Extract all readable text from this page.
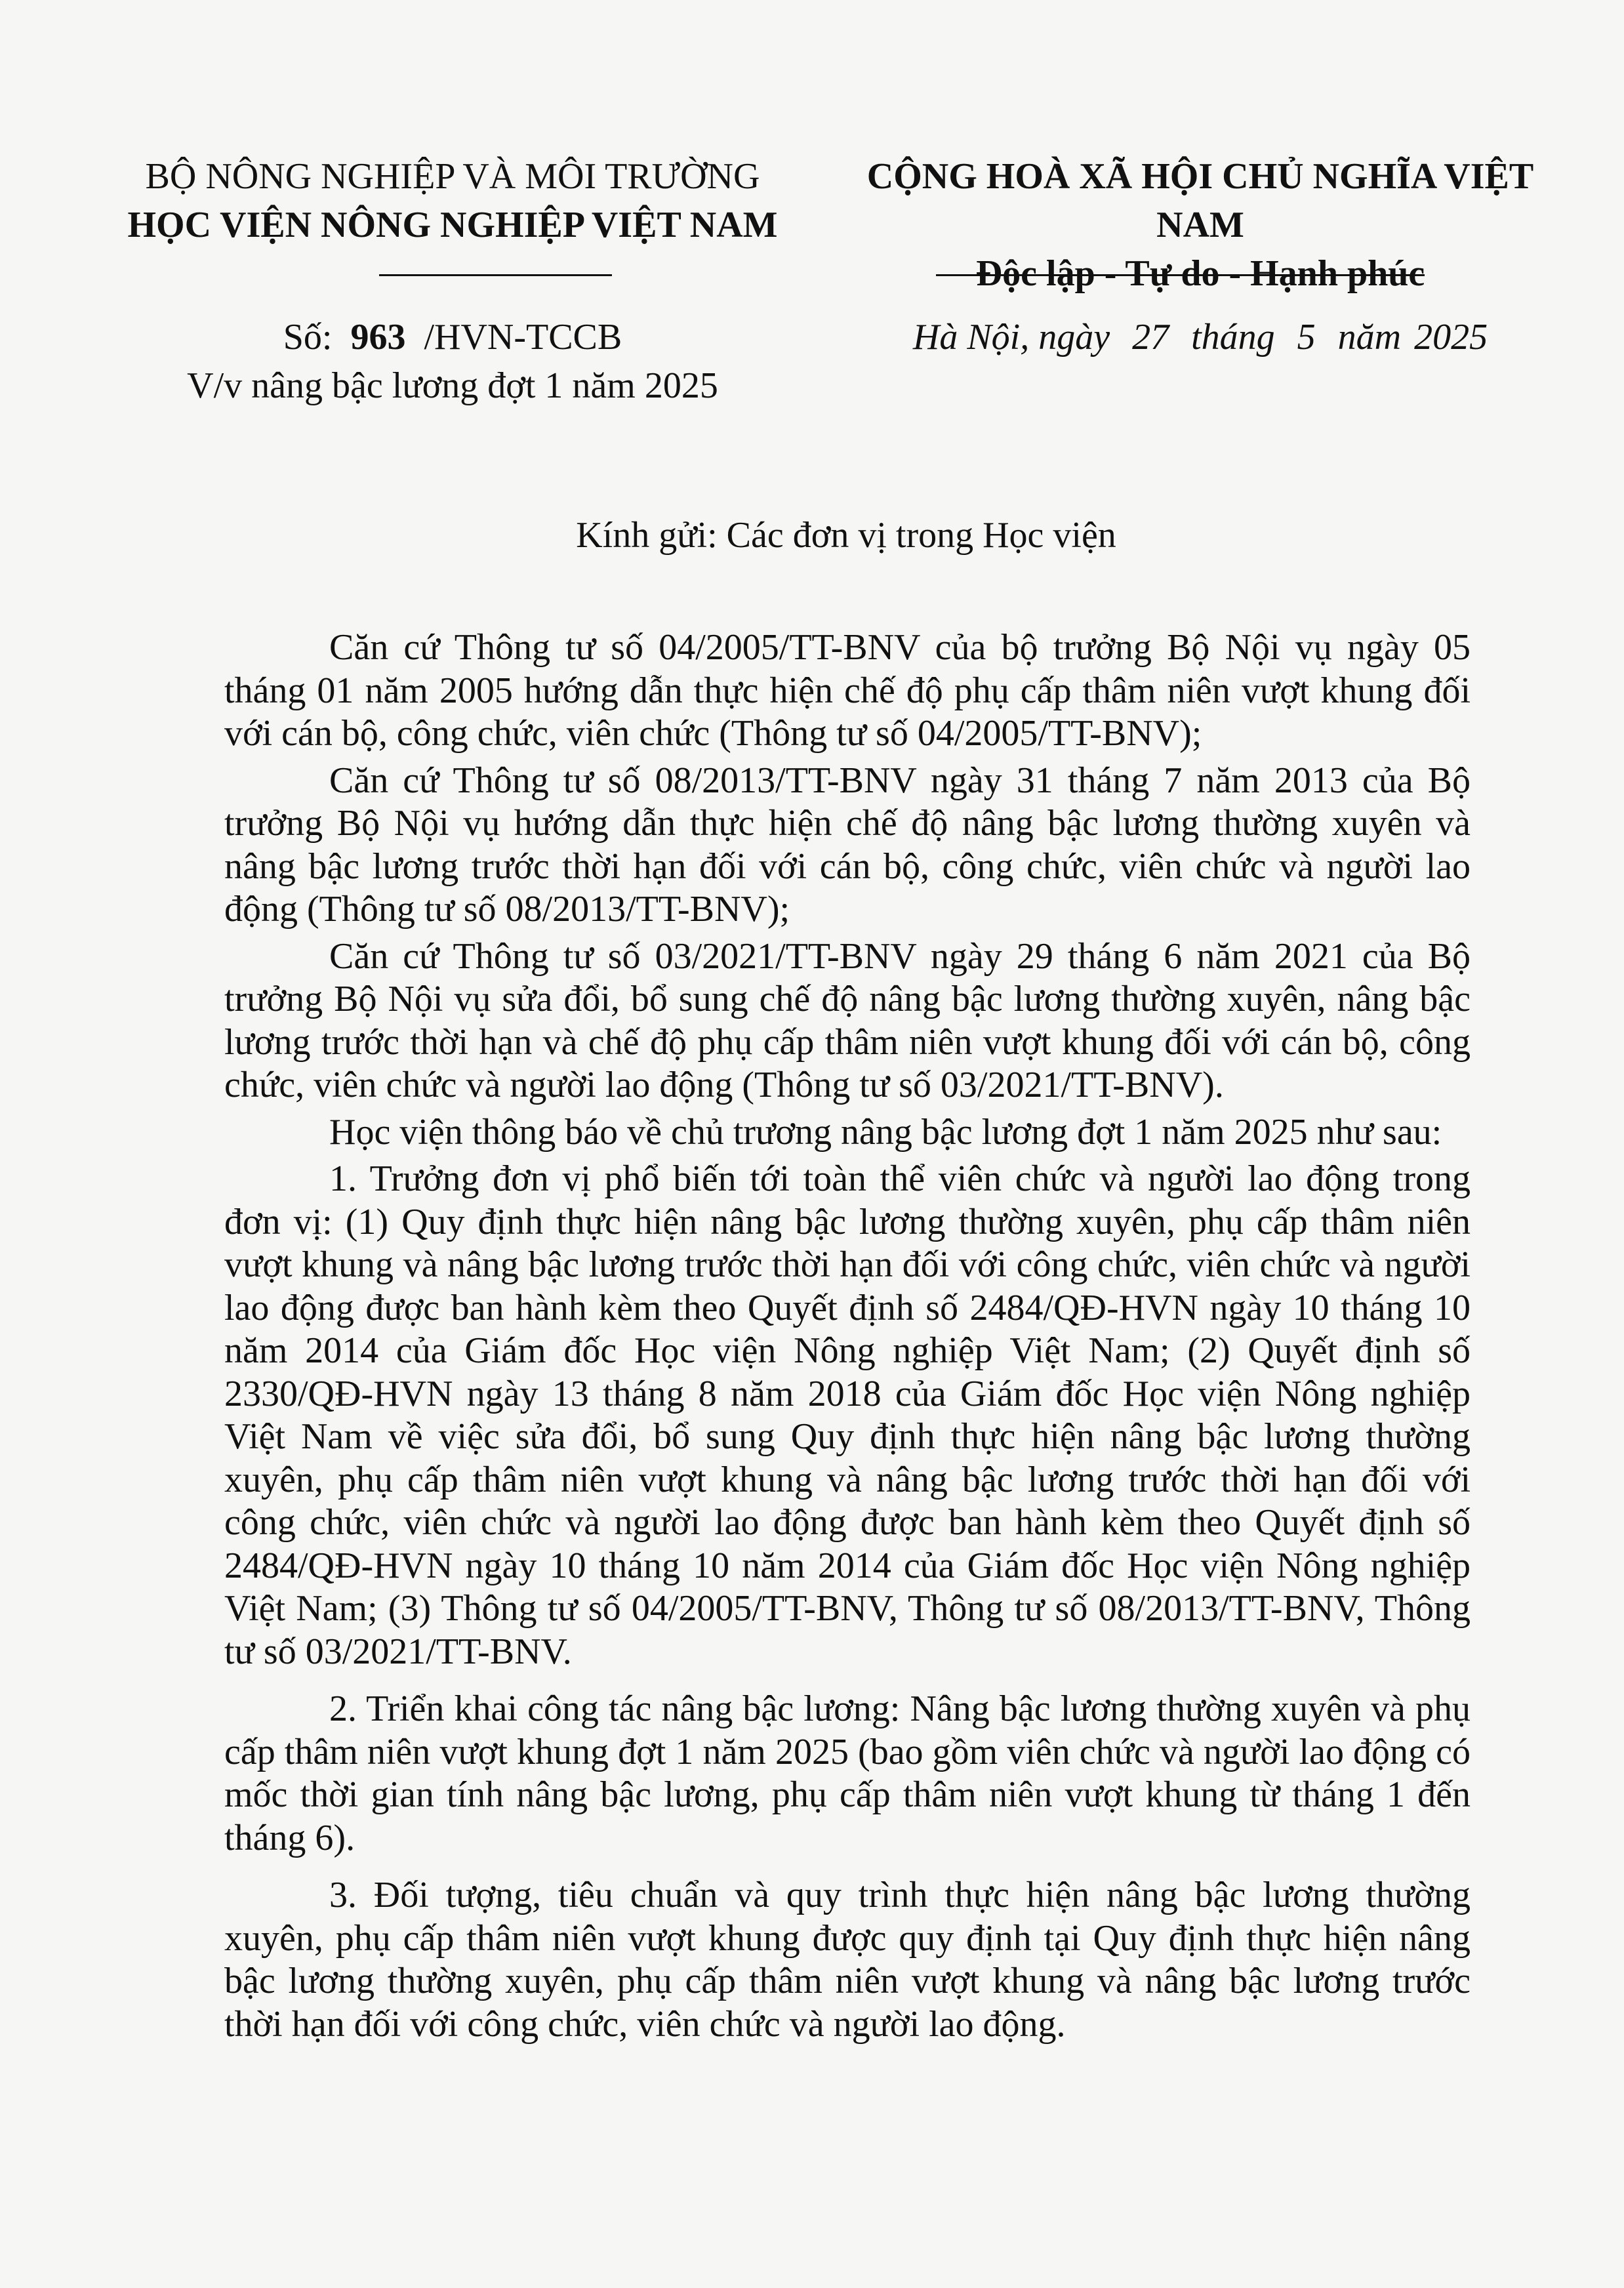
BỘ NÔNG NGHIỆP VÀ MÔI TRƯỜNG
HỌC VIỆN NÔNG NGHIỆP VIỆT NAM
CỘNG HOÀ XÃ HỘI CHỦ NGHĨA VIỆT NAM
Độc lập - Tự do - Hạnh phúc
Số: 963 /HVN-TCCB
V/v nâng bậc lương đợt 1 năm 2025
Hà Nội, ngày 27 tháng 5 năm 2025
Kính gửi: Các đơn vị trong Học viện

Căn cứ Thông tư số 04/2005/TT-BNV của bộ trưởng Bộ Nội vụ ngày 05 tháng 01 năm 2005 hướng dẫn thực hiện chế độ phụ cấp thâm niên vượt khung đối với cán bộ, công chức, viên chức (Thông tư số 04/2005/TT-BNV);

Căn cứ Thông tư số 08/2013/TT-BNV ngày 31 tháng 7 năm 2013 của Bộ trưởng Bộ Nội vụ hướng dẫn thực hiện chế độ nâng bậc lương thường xuyên và nâng bậc lương trước thời hạn đối với cán bộ, công chức, viên chức và người lao động (Thông tư số 08/2013/TT-BNV);

Căn cứ Thông tư số 03/2021/TT-BNV ngày 29 tháng 6 năm 2021 của Bộ trưởng Bộ Nội vụ sửa đổi, bổ sung chế độ nâng bậc lương thường xuyên, nâng bậc lương trước thời hạn và chế độ phụ cấp thâm niên vượt khung đối với cán bộ, công chức, viên chức và người lao động (Thông tư số 03/2021/TT-BNV).

Học viện thông báo về chủ trương nâng bậc lương đợt 1 năm 2025 như sau:

1. Trưởng đơn vị phổ biến tới toàn thể viên chức và người lao động trong đơn vị: (1) Quy định thực hiện nâng bậc lương thường xuyên, phụ cấp thâm niên vượt khung và nâng bậc lương trước thời hạn đối với công chức, viên chức và người lao động được ban hành kèm theo Quyết định số 2484/QĐ-HVN ngày 10 tháng 10 năm 2014 của Giám đốc Học viện Nông nghiệp Việt Nam; (2) Quyết định số 2330/QĐ-HVN ngày 13 tháng 8 năm 2018 của Giám đốc Học viện Nông nghiệp Việt Nam về việc sửa đổi, bổ sung Quy định thực hiện nâng bậc lương thường xuyên, phụ cấp thâm niên vượt khung và nâng bậc lương trước thời hạn đối với công chức, viên chức và người lao động được ban hành kèm theo Quyết định số 2484/QĐ-HVN ngày 10 tháng 10 năm 2014 của Giám đốc Học viện Nông nghiệp Việt Nam; (3) Thông tư số 04/2005/TT-BNV, Thông tư số 08/2013/TT-BNV, Thông tư số 03/2021/TT-BNV.

2. Triển khai công tác nâng bậc lương: Nâng bậc lương thường xuyên và phụ cấp thâm niên vượt khung đợt 1 năm 2025 (bao gồm viên chức và người lao động có mốc thời gian tính nâng bậc lương, phụ cấp thâm niên vượt khung từ tháng 1 đến tháng 6).

3. Đối tượng, tiêu chuẩn và quy trình thực hiện nâng bậc lương thường xuyên, phụ cấp thâm niên vượt khung được quy định tại Quy định thực hiện nâng bậc lương thường xuyên, phụ cấp thâm niên vượt khung và nâng bậc lương trước thời hạn đối với công chức, viên chức và người lao động.
